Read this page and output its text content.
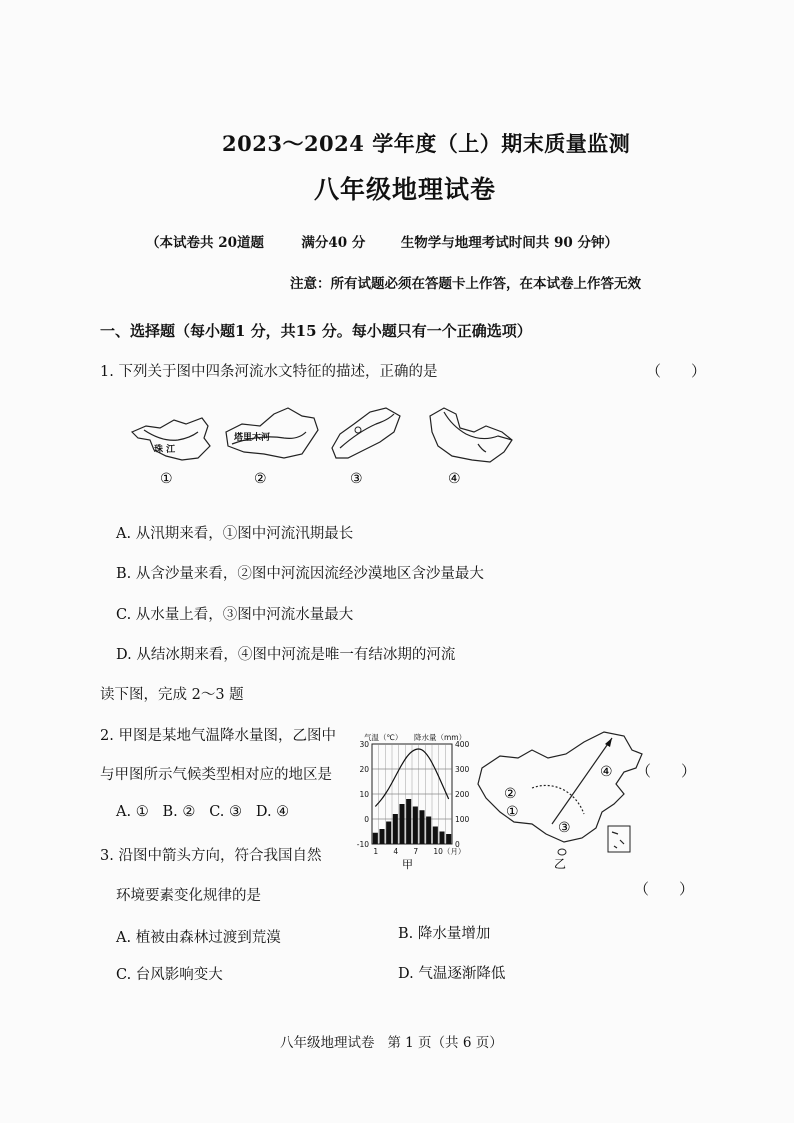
2023～2024 学年度（上）期末质量监测
八年级地理试卷
（本试卷共 20道题	满分40 分	生物学与地理考试时间共 90 分钟）
注意：所有试题必须在答题卡上作答，在本试卷上作答无效
一、选择题（每小题1 分，共15 分。每小题只有一个正确选项）
1. 下列关于图中四条河流水文特征的描述，正确的是	（　　）
珠 江
①
塔里木河
②	③	④
A. 从汛期来看，①图中河流汛期最长
B. 从含沙量来看，②图中河流因流经沙漠地区含沙量最大
C. 从水量上看，③图中河流水量最大
D. 从结冰期来看，④图中河流是唯一有结冰期的河流
读下图，完成 2～3 题
2. 甲图是某地气温降水量图，乙图中
与甲图所示气候类型相对应的地区是	（　　）
A. ① B. ② C. ③ D. ④
气温（℃） 降水量（mm）
30
20
10
0
-10
400
300
200
100
0
1 4 7 10（月）
甲
②
①
③
④
乙
3. 沿图中箭头方向，符合我国自然
环境要素变化规律的是	（　　）
A. 植被由森林过渡到荒漠	B. 降水量增加
C. 台风影响变大	D. 气温逐渐降低
八年级地理试卷 第 1 页（共 6 页）
